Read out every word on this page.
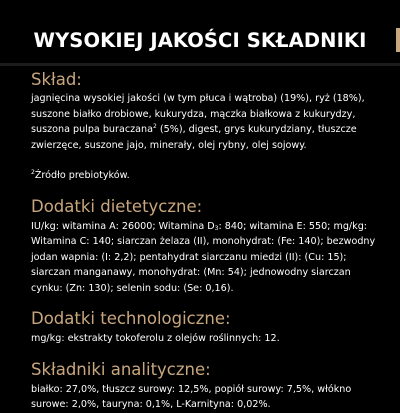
WYSOKIEJ JAKOŚCI SKŁADNIKI

Skład:

jagnięcina wysokiej jakości (w tym płuca i wątroba) (19%), ryż (18%), suszone białko drobiowe, kukurydza, mączka białkowa z kukurydzy, suszona pulpa buraczana$^2$ (5%), digest, grys kukurydziany, tłuszcze zwierzęce, suszone jajo, minerały, olej rybny, olej sojowy.

$^2$Źródło prebiotyków.

Dodatki dietetyczne:

IU/kg: witamina A: 26000; Witamina $D_3$: 840; witamina E: 550; mg/kg: Witamina C: 140; siarczan żelaza (II), monohydrat: (Fe: 140); bezwodny jodan wapnia: (I: 2,2); pentahydrat siarczanu miedzi (II): (Cu: 15); siarczan manganawy, monohydrat: (Mn: 54); jednowodny siarczan cynku: (Zn: 130); selenin sodu: (Se: 0,16).

Dodatki technologiczne:

mg/kg: ekstrakty tokoferolu z olejów roślinnych: 12.

Składniki analityczne:

białko: 27,0%, tłuszcz surowy: 12,5%, popiół surowy: 7,5%, włókno surowe: 2,0%, tauryna: 0,1%, L-Karnityna: 0,02%.
